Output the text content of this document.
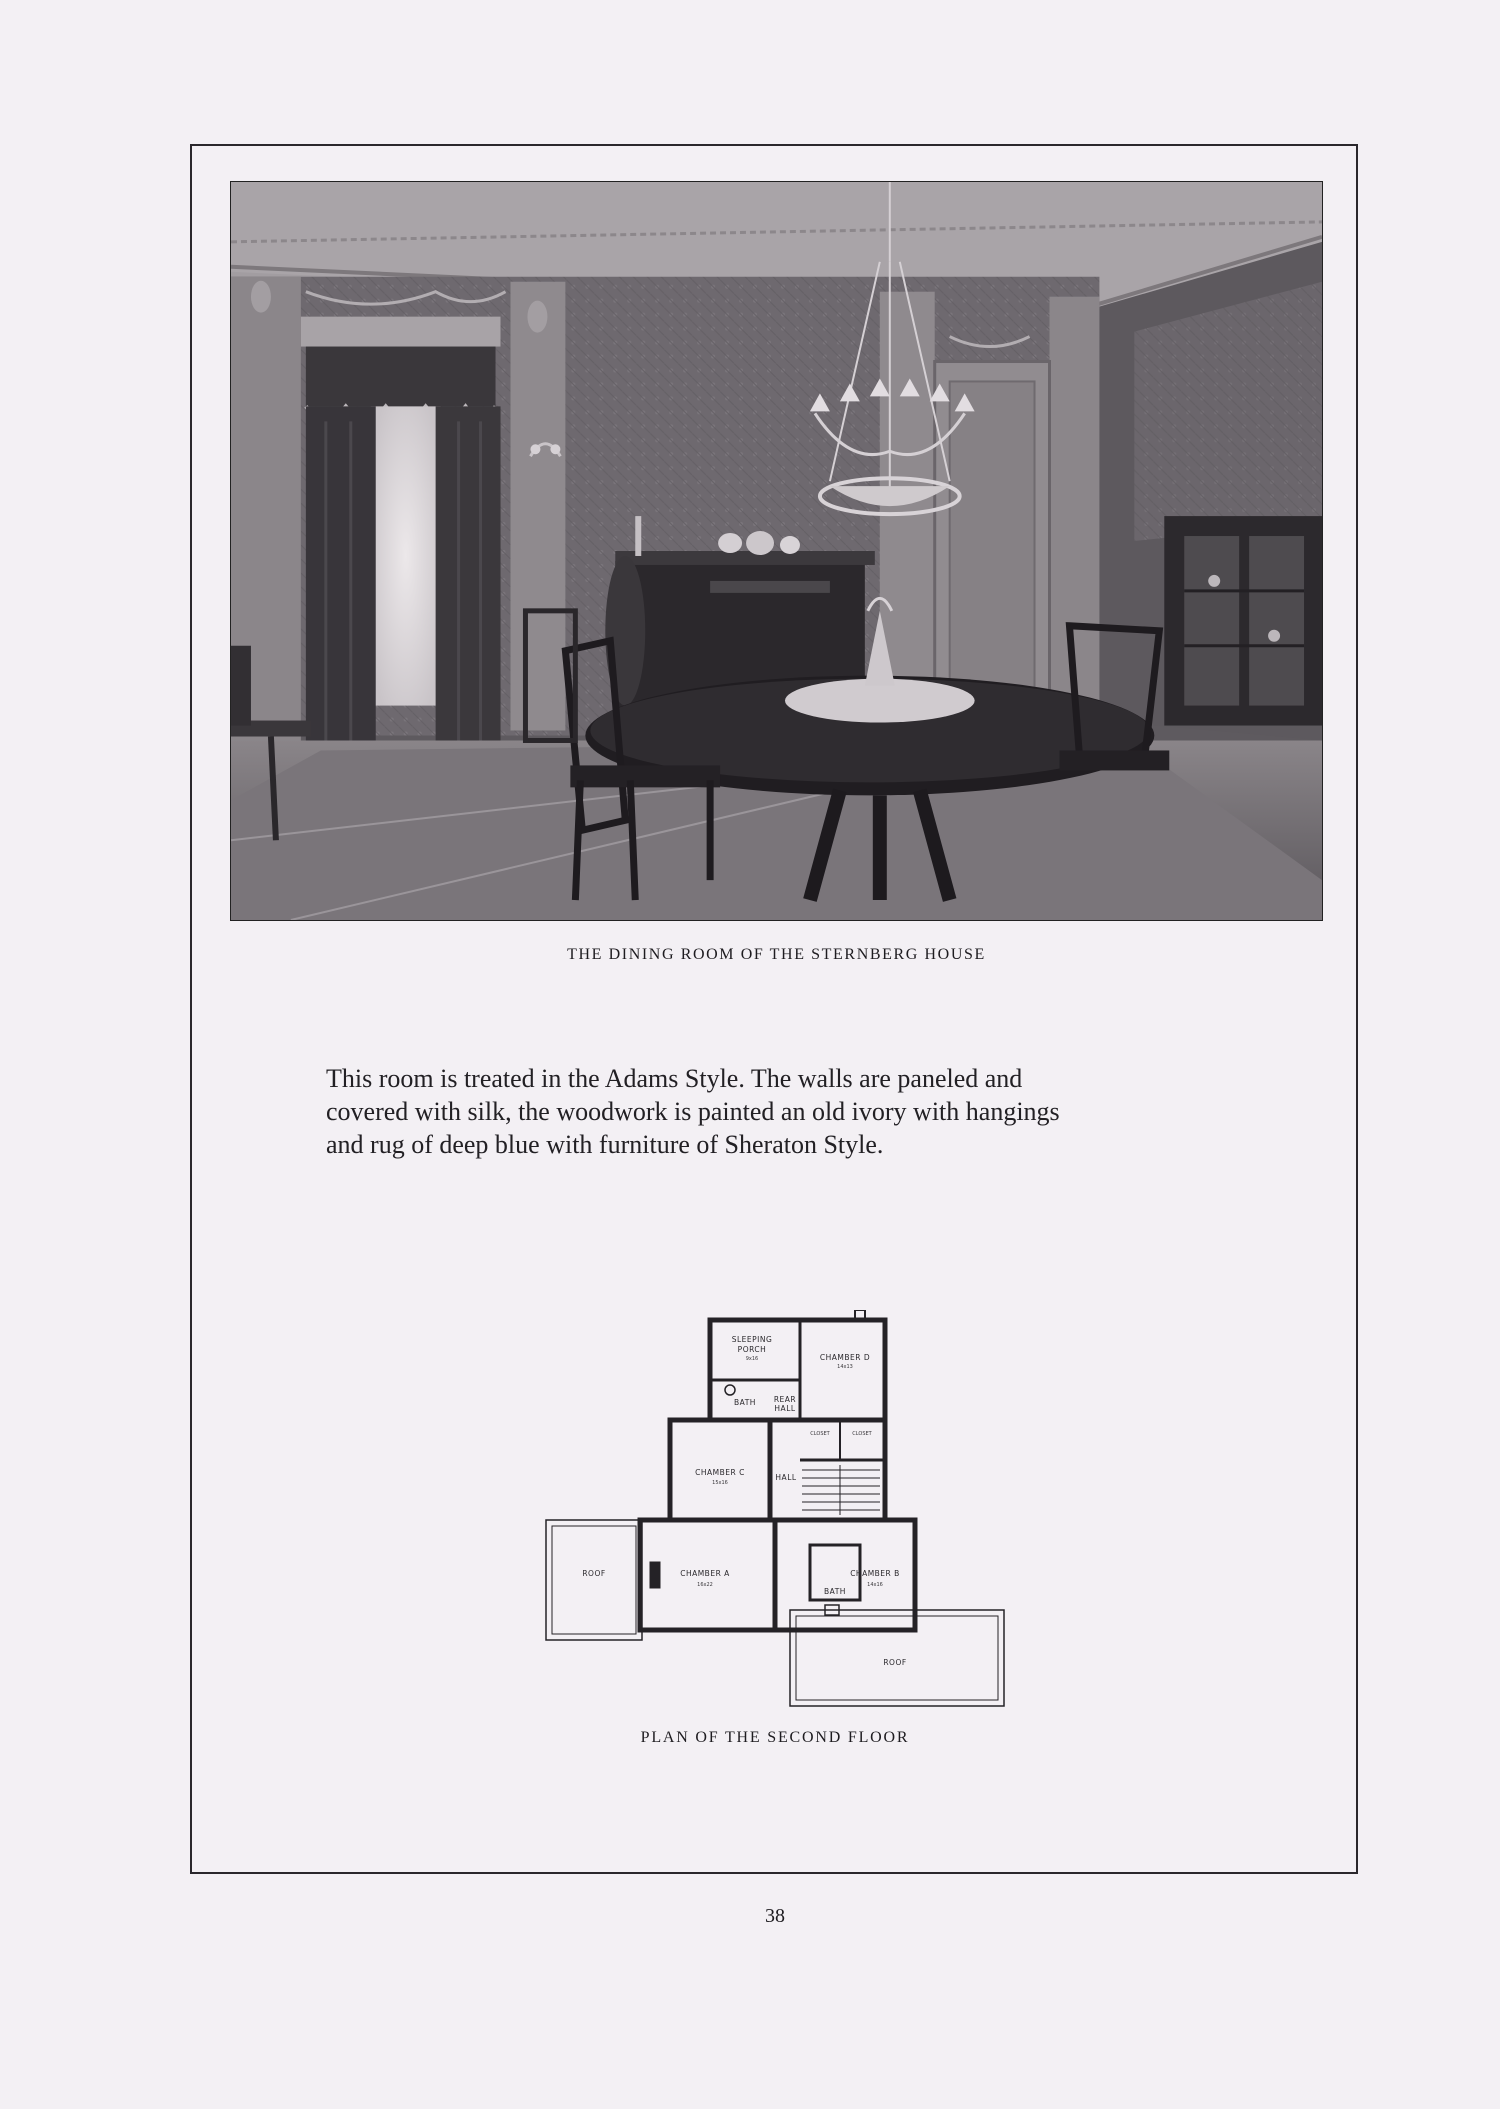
THE DINING ROOM OF THE STERNBERG HOUSE
This room is treated in the Adams Style. The walls are paneled and
covered with silk, the woodwork is painted an old ivory with hangings
and rug of deep blue with furniture of Sheraton Style.
SLEEPING
PORCH
9x16	CHAMBER D
14x13
BATH REAR
HALL
CLOSET	CLOSET
CHAMBER C
15x16
HALL
ROOF	CHAMBER A
16x22
BATH
CHAMBER B
14x16
ROOF
PLAN OF THE SECOND FLOOR
38
